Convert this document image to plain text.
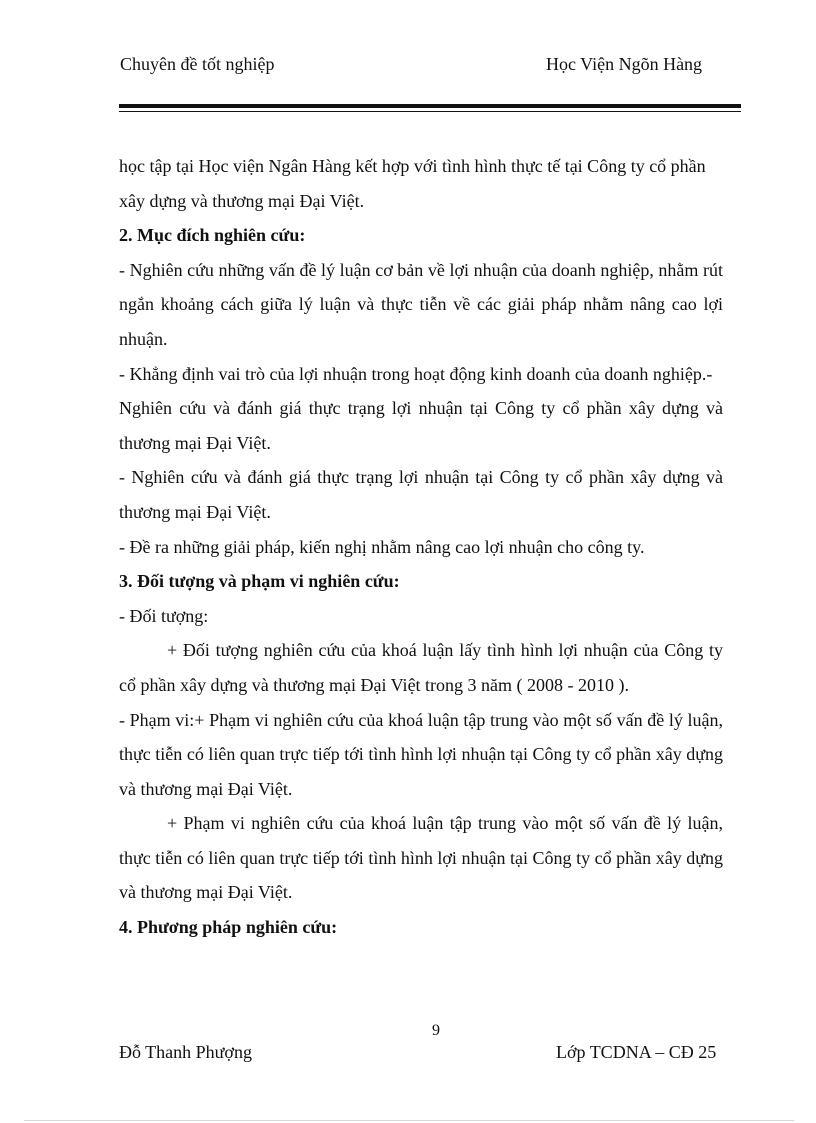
Chuyên đề tốt nghiệp	Học Viện Ngõn Hàng

học tập tại Học viện Ngân Hàng kết hợp với tình hình thực tế tại Công ty cổ phần

xây dựng và thương mại Đại Việt.

2. Mục đích nghiên cứu:

- Nghiên cứu những vấn đề lý luận cơ bản về lợi nhuận của doanh nghiệp, nhằm rút ngắn khoảng cách giữa lý luận và thực tiễn về các giải pháp nhằm nâng cao lợi nhuận.

- Khẳng định vai trò của lợi nhuận trong hoạt động kinh doanh của doanh nghiệp.-

Nghiên cứu và đánh giá thực trạng lợi nhuận tại Công ty cổ phần xây dựng và thương mại Đại Việt.

- Nghiên cứu và đánh giá thực trạng lợi nhuận tại Công ty cổ phần xây dựng và thương mại Đại Việt.

- Đề ra những giải pháp, kiến nghị nhằm nâng cao lợi nhuận cho công ty.

3. Đối tượng và phạm vi nghiên cứu:

- Đối tượng:

+ Đối tượng nghiên cứu của khoá luận lấy tình hình lợi nhuận của Công ty cổ phần xây dựng và thương mại Đại Việt trong 3 năm ( 2008 - 2010 ).

- Phạm vi:+ Phạm vi nghiên cứu của khoá luận tập trung vào một số vấn đề lý luận, thực tiễn có liên quan trực tiếp tới tình hình lợi nhuận tại Công ty cổ phần xây dựng và thương mại Đại Việt.

+ Phạm vi nghiên cứu của khoá luận tập trung vào một số vấn đề lý luận, thực tiễn có liên quan trực tiếp tới tình hình lợi nhuận tại Công ty cổ phần xây dựng và thương mại Đại Việt.

4. Phương pháp nghiên cứu:

9
Đỗ Thanh Phượng	Lớp TCDNA – CĐ 25
